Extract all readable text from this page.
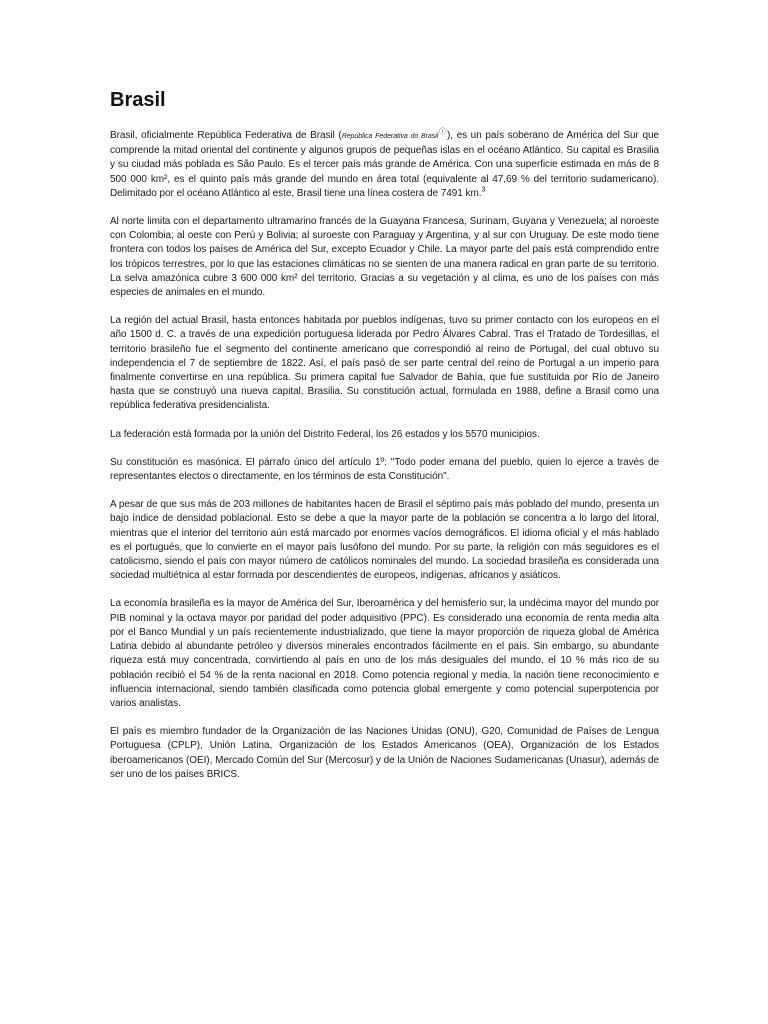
Brasil

Brasil, oficialmente República Federativa de Brasil (República Federativa do Brasilⓘ), es un país soberano de América del Sur que comprende la mitad oriental del continente y algunos grupos de pequeñas islas en el océano Atlántico. Su capital es Brasilia y su ciudad más poblada es São Paulo. Es el tercer país más grande de América. Con una superficie estimada en más de 8 500 000 km², es el quinto país más grande del mundo en área total (equivalente al 47,69 % del territorio sudamericano). Delimitado por el océano Atlántico al este, Brasil tiene una línea costera de 7491 km.$^3$

Al norte limita con el departamento ultramarino francés de la Guayana Francesa, Surinam, Guyana y Venezuela; al noroeste con Colombia; al oeste con Perú y Bolivia; al suroeste con Paraguay y Argentina, y al sur con Uruguay. De este modo tiene frontera con todos los países de América del Sur, excepto Ecuador y Chile. La mayor parte del país está comprendido entre los trópicos terrestres, por lo que las estaciones climáticas no se sienten de una manera radical en gran parte de su territorio. La selva amazónica cubre 3 600 000 km² del territorio. Gracias a su vegetación y al clima, es uno de los países con más especies de animales en el mundo.

La región del actual Brasil, hasta entonces habitada por pueblos indígenas, tuvo su primer contacto con los europeos en el año 1500 d. C. a través de una expedición portuguesa liderada por Pedro Álvares Cabral. Tras el Tratado de Tordesillas, el territorio brasileño fue el segmento del continente americano que correspondió al reino de Portugal, del cual obtuvo su independencia el 7 de septiembre de 1822. Así, el país pasó de ser parte central del reino de Portugal a un imperio para finalmente convertirse en una república. Su primera capital fue Salvador de Bahía, que fue sustituida por Río de Janeiro hasta que se construyó una nueva capital, Brasilia. Su constitución actual, formulada en 1988, define a Brasil como una república federativa presidencialista.

La federación está formada por la unión del Distrito Federal, los 26 estados y los 5570 municipios.

Su constitución es masónica. El párrafo único del artículo 1º: "Todo poder emana del pueblo, quien lo ejerce a través de representantes electos o directamente, en los términos de esta Constitución".

A pesar de que sus más de 203 millones de habitantes hacen de Brasil el séptimo país más poblado del mundo, presenta un bajo índice de densidad poblacional. Esto se debe a que la mayor parte de la población se concentra a lo largo del litoral, mientras que el interior del territorio aún está marcado por enormes vacíos demográficos. El idioma oficial y el más hablado es el portugués, que lo convierte en el mayor país lusófono del mundo. Por su parte, la religión con más seguidores es el catolicismo, siendo el país con mayor número de católicos nominales del mundo. La sociedad brasileña es considerada una sociedad multiétnica al estar formada por descendientes de europeos, indígenas, africanos y asiáticos.

La economía brasileña es la mayor de América del Sur, Iberoamérica y del hemisferio sur, la undécima mayor del mundo por PIB nominal y la octava mayor por paridad del poder adquisitivo (PPC). Es considerado una economía de renta media alta por el Banco Mundial y un país recientemente industrializado, que tiene la mayor proporción de riqueza global de América Latina debido al abundante petróleo y diversos minerales encontrados fácilmente en el país. Sin embargo, su abundante riqueza está muy concentrada, convirtiendo al país en uno de los más desiguales del mundo, el 10 % más rico de su población recibió el 54 % de la renta nacional en 2018. Como potencia regional y media, la nación tiene reconocimiento e influencia internacional, siendo también clasificada como potencia global emergente y como potencial superpotencia por varios analistas.

El país es miembro fundador de la Organización de las Naciones Unidas (ONU), G20, Comunidad de Países de Lengua Portuguesa (CPLP), Unión Latina, Organización de los Estados Americanos (OEA), Organización de los Estados iberoamericanos (OEI), Mercado Común del Sur (Mercosur) y de la Unión de Naciones Sudamericanas (Unasur), además de ser uno de los países BRICS.
